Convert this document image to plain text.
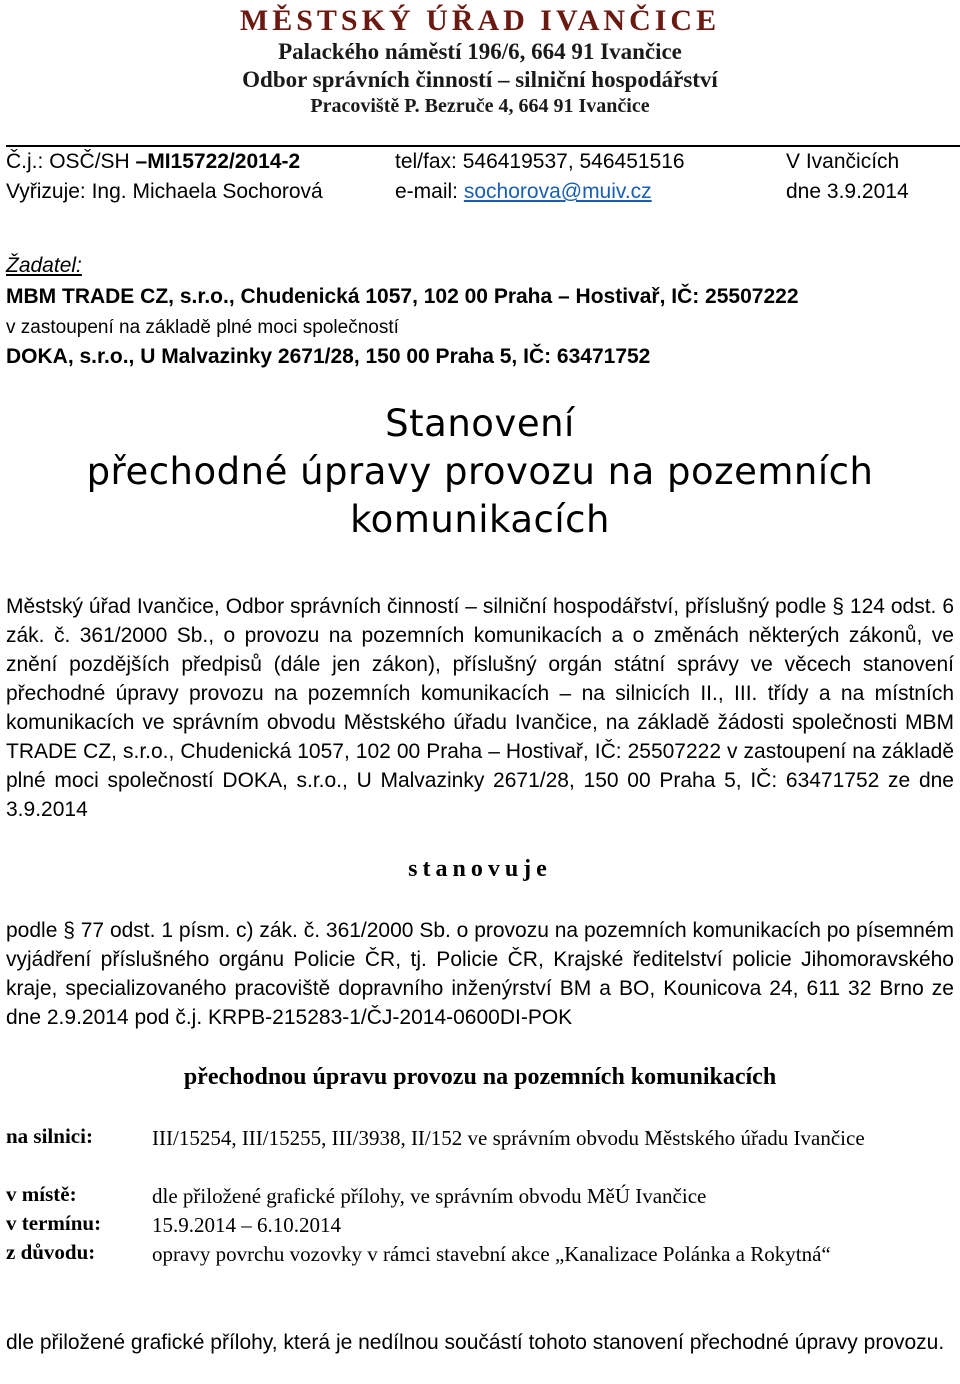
MĚSTSKÝ ÚŘAD IVANČICE
Palackého náměstí 196/6, 664 91 Ivančice
Odbor správních činností – silniční hospodářství
Pracoviště P. Bezruče 4, 664 91 Ivančice
Č.j.: OSČ/SH –MI15722/2014-2	tel/fax: 546419537, 546451516	V Ivančicích
Vyřizuje: Ing. Michaela Sochorová	e-mail: sochorova@muiv.cz	dne 3.9.2014
Žadatel:
MBM TRADE CZ, s.r.o., Chudenická 1057, 102 00 Praha – Hostivař, IČ: 25507222
v zastoupení na základě plné moci společností
DOKA, s.r.o., U Malvazinky 2671/28, 150 00 Praha 5, IČ: 63471752
Stanovení
přechodné úpravy provozu na pozemních
komunikacích
Městský úřad Ivančice, Odbor správních činností – silniční hospodářství, příslušný podle § 124 odst. 6 zák. č. 361/2000 Sb., o provozu na pozemních komunikacích a o změnách některých zákonů, ve znění pozdějších předpisů (dále jen zákon), příslušný orgán státní správy ve věcech stanovení přechodné úpravy provozu na pozemních komunikacích – na silnicích II., III. třídy a na místních komunikacích ve správním obvodu Městského úřadu Ivančice, na základě žádosti společnosti MBM TRADE CZ, s.r.o., Chudenická 1057, 102 00 Praha – Hostivař, IČ: 25507222 v zastoupení na základě plné moci společností DOKA, s.r.o., U Malvazinky 2671/28, 150 00 Praha 5, IČ: 63471752 ze dne 3.9.2014
stanovuje
podle § 77 odst. 1 písm. c) zák. č. 361/2000 Sb. o provozu na pozemních komunikacích po písemném vyjádření příslušného orgánu Policie ČR, tj. Policie ČR, Krajské ředitelství policie Jihomoravského kraje, specializovaného pracoviště dopravního inženýrství BM a BO, Kounicova 24, 611 32 Brno ze dne 2.9.2014 pod č.j. KRPB-215283-1/ČJ-2014-0600DI-POK
přechodnou úpravu provozu na pozemních komunikacích
na silnici:	III/15254, III/15255, III/3938, II/152 ve správním obvodu Městského úřadu Ivančice
v místě:	dle přiložené grafické přílohy, ve správním obvodu MěÚ Ivančice
v termínu: 15.9.2014 – 6.10.2014
z důvodu:	opravy povrchu vozovky v rámci stavební akce „Kanalizace Polánka a Rokytná“
dle přiložené grafické přílohy, která je nedílnou součástí tohoto stanovení přechodné úpravy provozu.
